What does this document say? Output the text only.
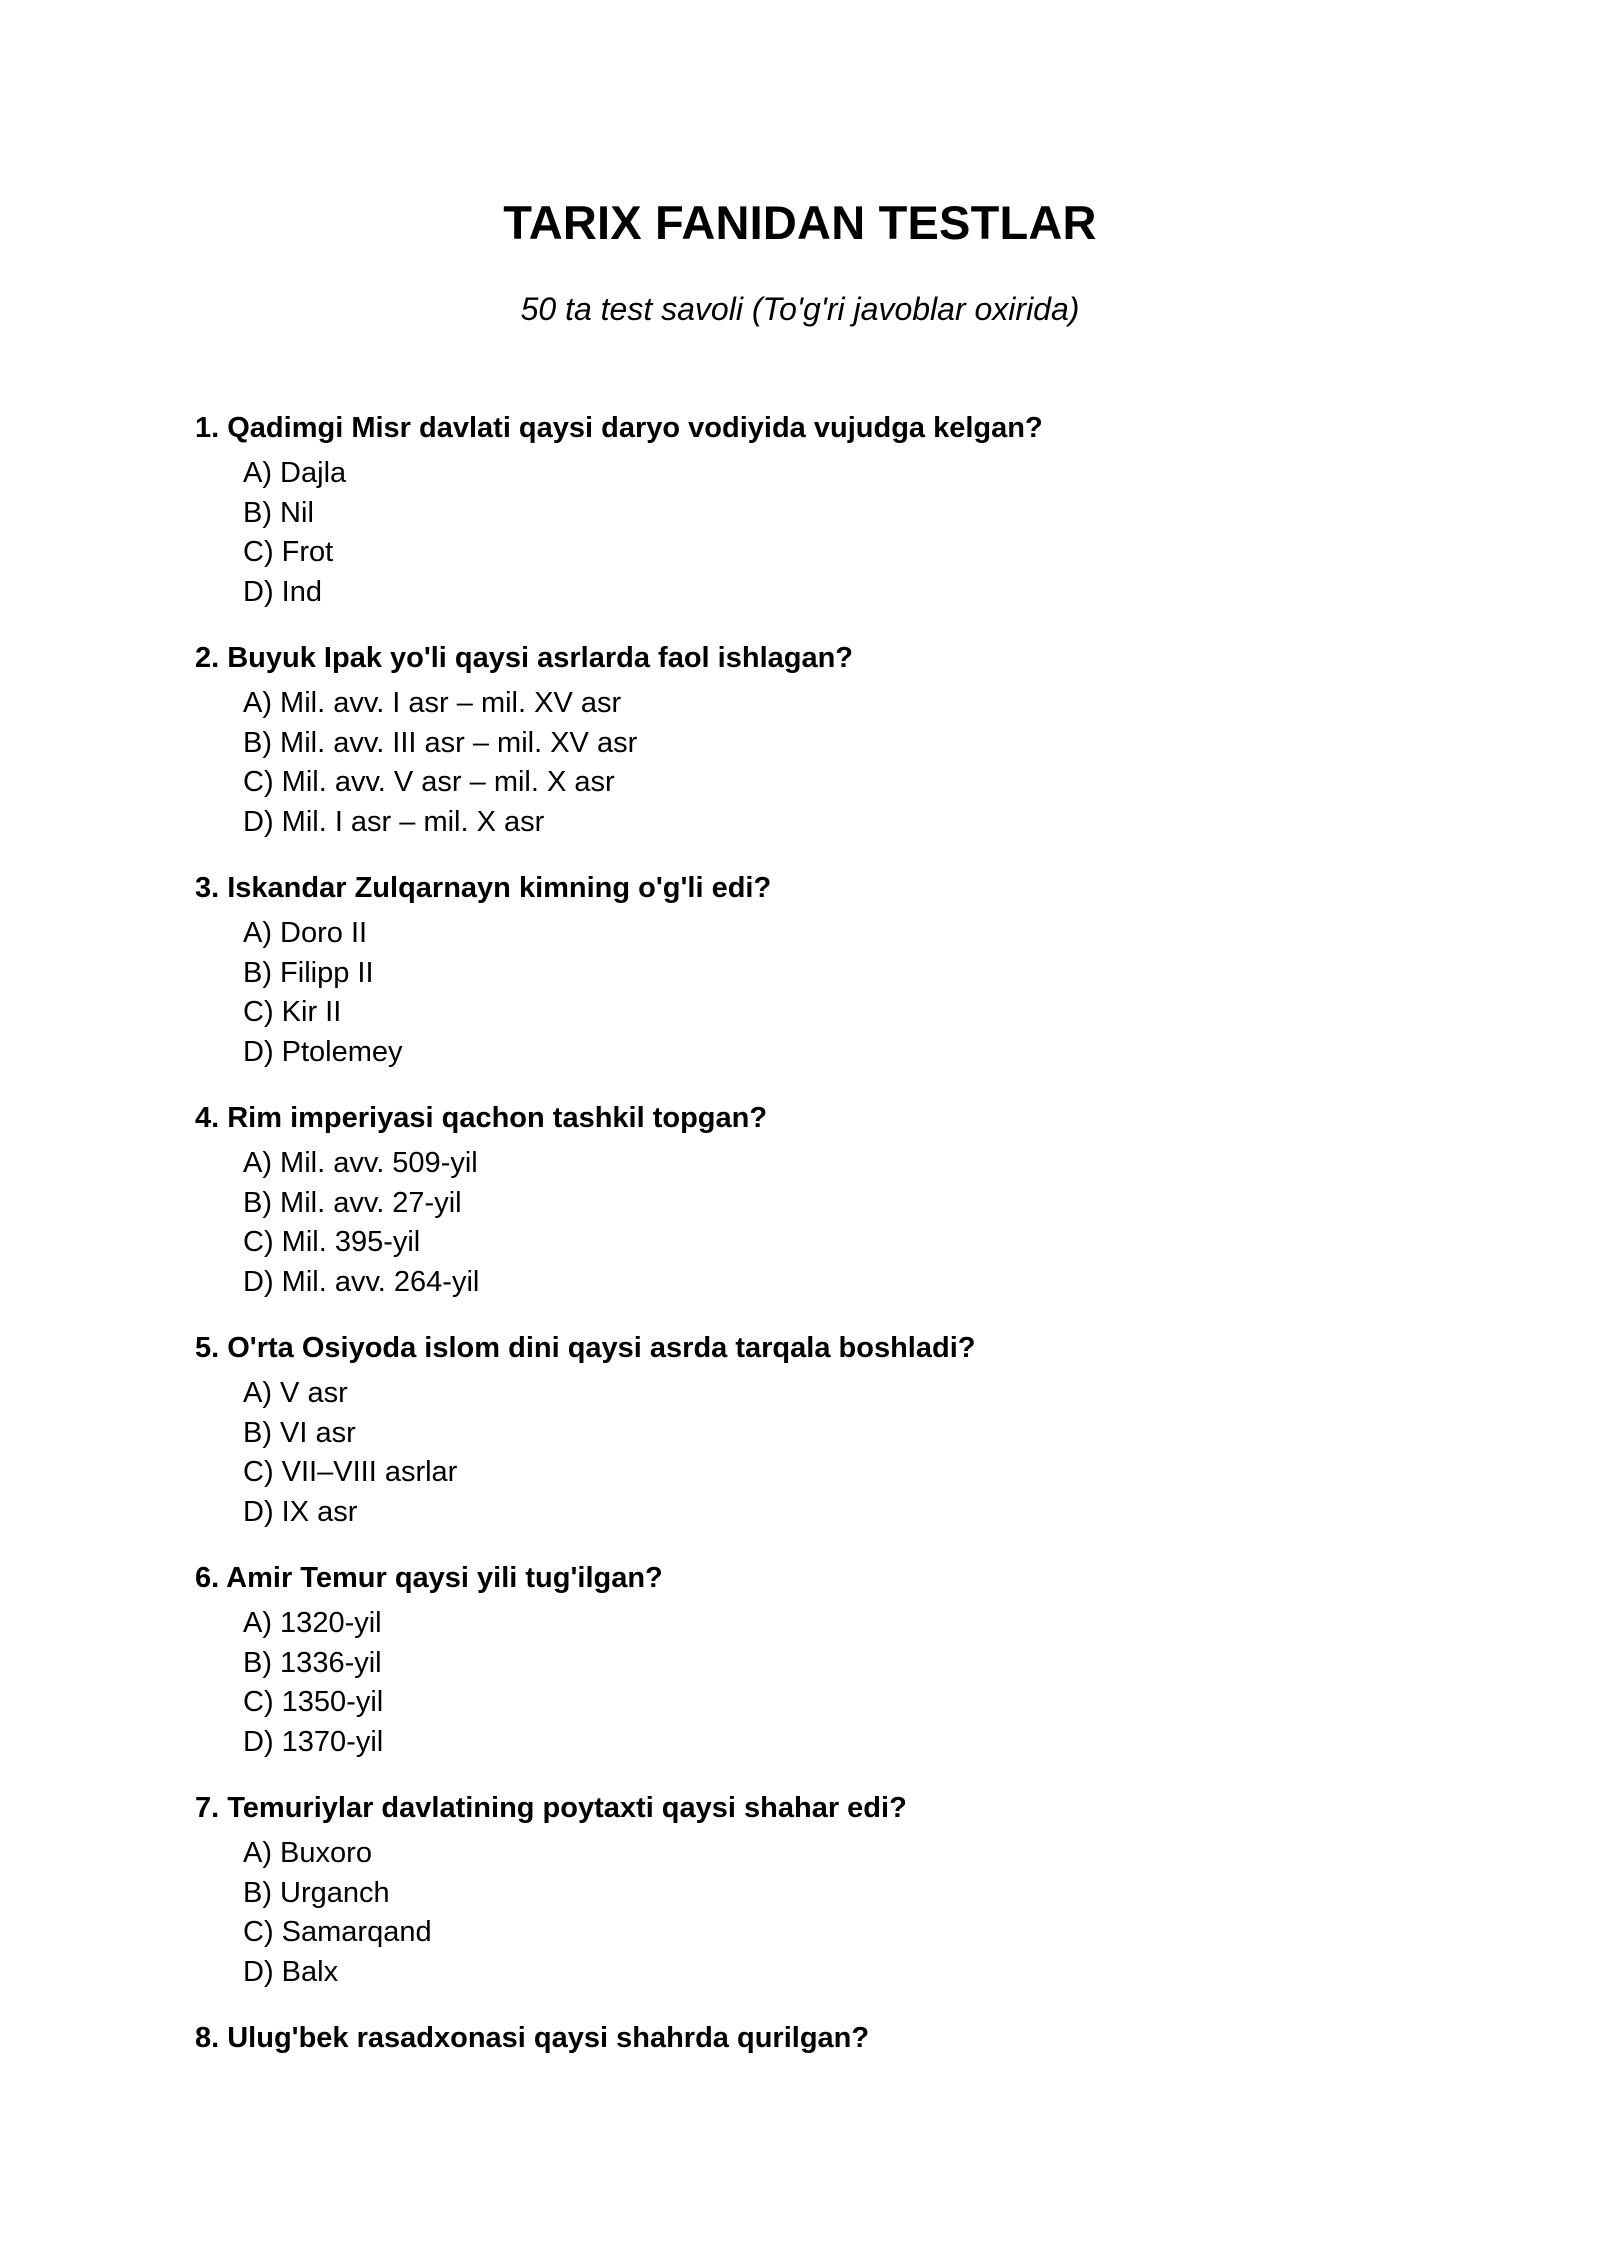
TARIX FANIDAN TESTLAR
50 ta test savoli (To'g'ri javoblar oxirida)
1. Qadimgi Misr davlati qaysi daryo vodiyida vujudga kelgan?
A) Dajla
B) Nil
C) Frot
D) Ind
2. Buyuk Ipak yo'li qaysi asrlarda faol ishlagan?
A) Mil. avv. I asr – mil. XV asr
B) Mil. avv. III asr – mil. XV asr
C) Mil. avv. V asr – mil. X asr
D) Mil. I asr – mil. X asr
3. Iskandar Zulqarnayn kimning o'g'li edi?
A) Doro II
B) Filipp II
C) Kir II
D) Ptolemey
4. Rim imperiyasi qachon tashkil topgan?
A) Mil. avv. 509-yil
B) Mil. avv. 27-yil
C) Mil. 395-yil
D) Mil. avv. 264-yil
5. O'rta Osiyoda islom dini qaysi asrda tarqala boshladi?
A) V asr
B) VI asr
C) VII–VIII asrlar
D) IX asr
6. Amir Temur qaysi yili tug'ilgan?
A) 1320-yil
B) 1336-yil
C) 1350-yil
D) 1370-yil
7. Temuriylar davlatining poytaxti qaysi shahar edi?
A) Buxoro
B) Urganch
C) Samarqand
D) Balx
8. Ulug'bek rasadxonasi qaysi shahrda qurilgan?
